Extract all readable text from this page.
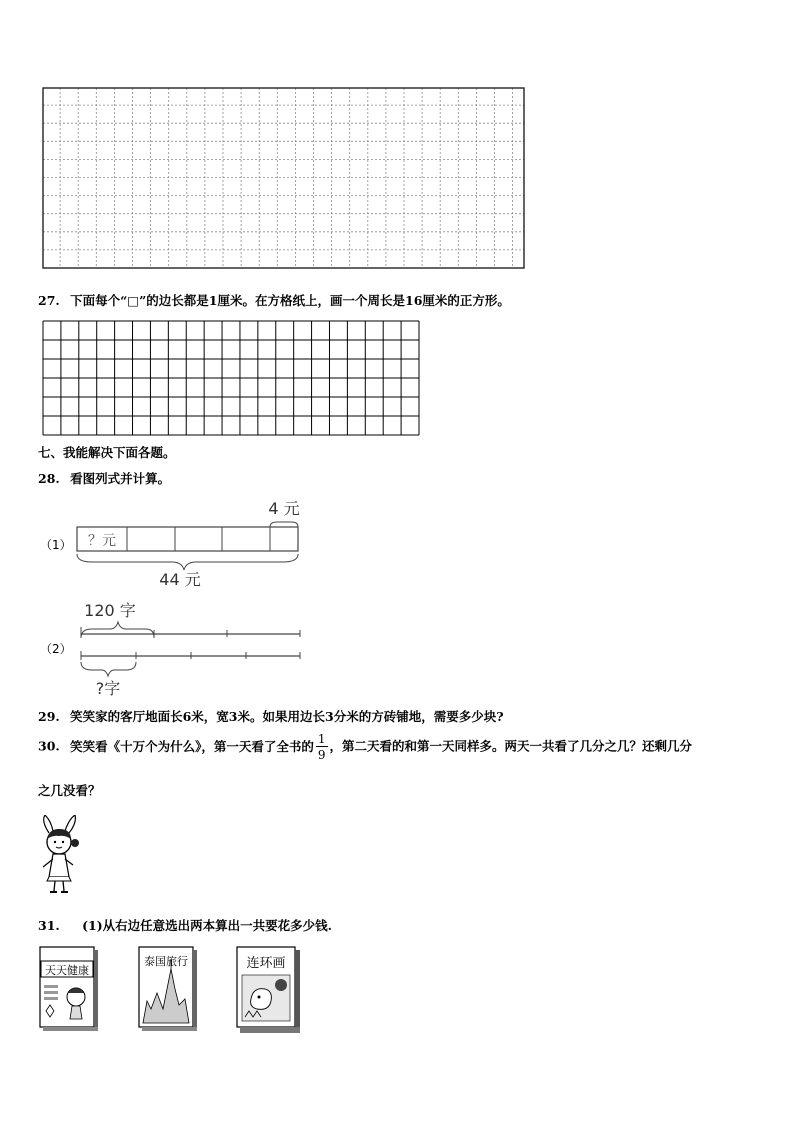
27. 下面每个“□”的边长都是1厘米。在方格纸上，画一个周长是16厘米的正方形。
七、我能解决下面各题。
28. 看图列式并计算。
（1）
4 元
？元
44 元
（2）
120 字
?字
29. 笑笑家的客厅地面长6米，宽3米。如果用边长3分米的方砖铺地，需要多少块?
30. 笑笑看《十万个为什么》，第一天看了全书的 $\frac{1}{9}$ ，第二天看的和第一天同样多。两天一共看了几分之几？还剩几分
之几没看？
31. (1)从右边任意选出两本算出一共要花多少钱.
天天健康
泰国旅行	连环画
